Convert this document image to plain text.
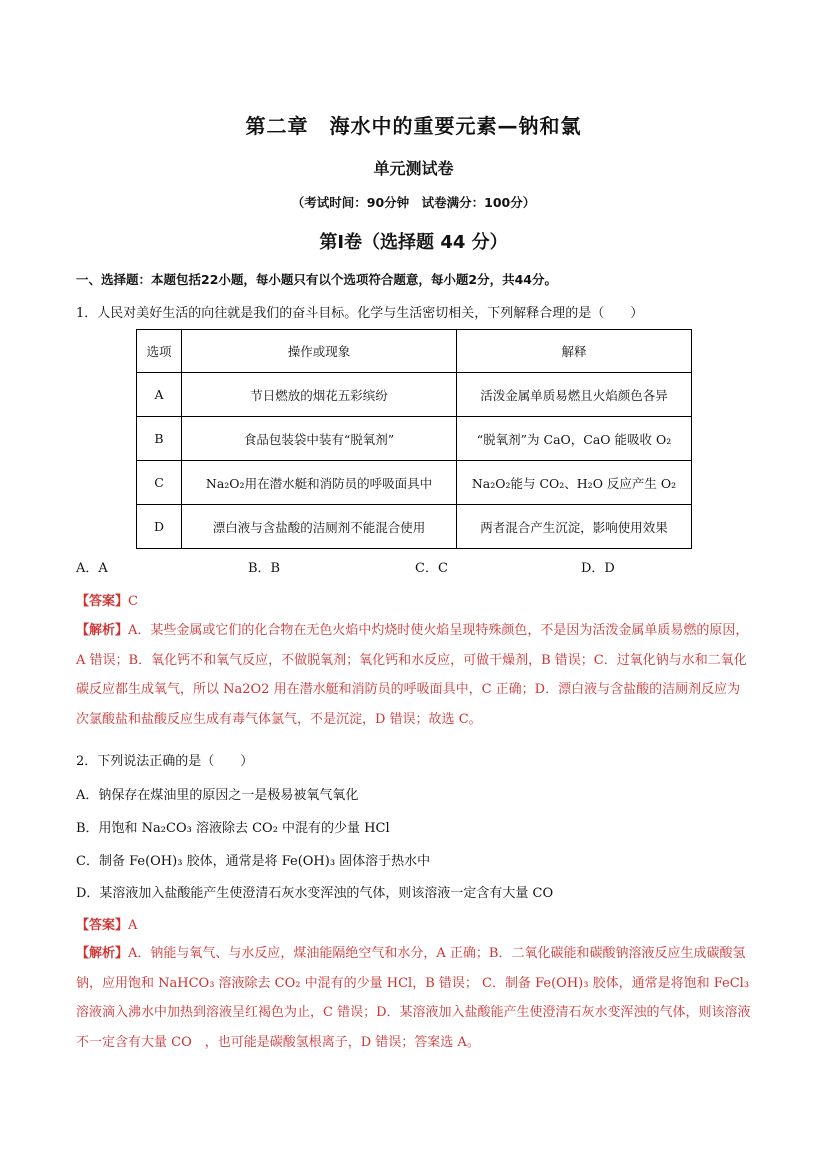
第二章　海水中的重要元素—钠和氯
单元测试卷
（考试时间：90分钟　试卷满分：100分）
第Ⅰ卷（选择题 44 分）
一、选择题：本题包括22小题，每小题只有以个选项符合题意，每小题2分，共44分。
1．人民对美好生活的向往就是我们的奋斗目标。化学与生活密切相关，下列解释合理的是（　　）
选项	操作或现象	解释
A	节日燃放的烟花五彩缤纷	活泼金属单质易燃且火焰颜色各异
B	食品包装袋中装有“脱氧剂”	“脱氧剂”为 CaO，CaO 能吸收 O₂
C	Na₂O₂用在潜水艇和消防员的呼吸面具中	Na₂O₂能与 CO₂、H₂O 反应产生 O₂
D	漂白液与含盐酸的洁厕剂不能混合使用	两者混合产生沉淀，影响使用效果
A．A	B．B	C．C	D．D
【答案】C
【解析】A．某些金属或它们的化合物在无色火焰中灼烧时使火焰呈现特殊颜色，不是因为活泼金属单质易燃的原因，A 错误；B．氧化钙不和氧气反应，不做脱氧剂；氧化钙和水反应，可做干燥剂，B 错误；C．过氧化钠与水和二氧化碳反应都生成氧气，所以 Na2O2 用在潜水艇和消防员的呼吸面具中，C 正确；D．漂白液与含盐酸的洁厕剂反应为次氯酸盐和盐酸反应生成有毒气体氯气，不是沉淀，D 错误；故选 C。
2．下列说法正确的是（　　）
A．钠保存在煤油里的原因之一是极易被氧气氧化
B．用饱和 Na₂CO₃ 溶液除去 CO₂ 中混有的少量 HCl
C．制备 Fe(OH)₃ 胶体，通常是将 Fe(OH)₃ 固体溶于热水中
D．某溶液加入盐酸能产生使澄清石灰水变浑浊的气体，则该溶液一定含有大量 CO
【答案】A
【解析】A．钠能与氧气、与水反应，煤油能隔绝空气和水分，A 正确；B．二氧化碳能和碳酸钠溶液反应生成碳酸氢钠，应用饱和 NaHCO₃ 溶液除去 CO₂ 中混有的少量 HCl，B 错误； C．制备 Fe(OH)₃ 胶体，通常是将饱和 FeCl₃ 溶液滴入沸水中加热到溶液呈红褐色为止，C 错误；D．某溶液加入盐酸能产生使澄清石灰水变浑浊的气体，则该溶液不一定含有大量 CO　，也可能是碳酸氢根离子，D 错误；答案选 A。
